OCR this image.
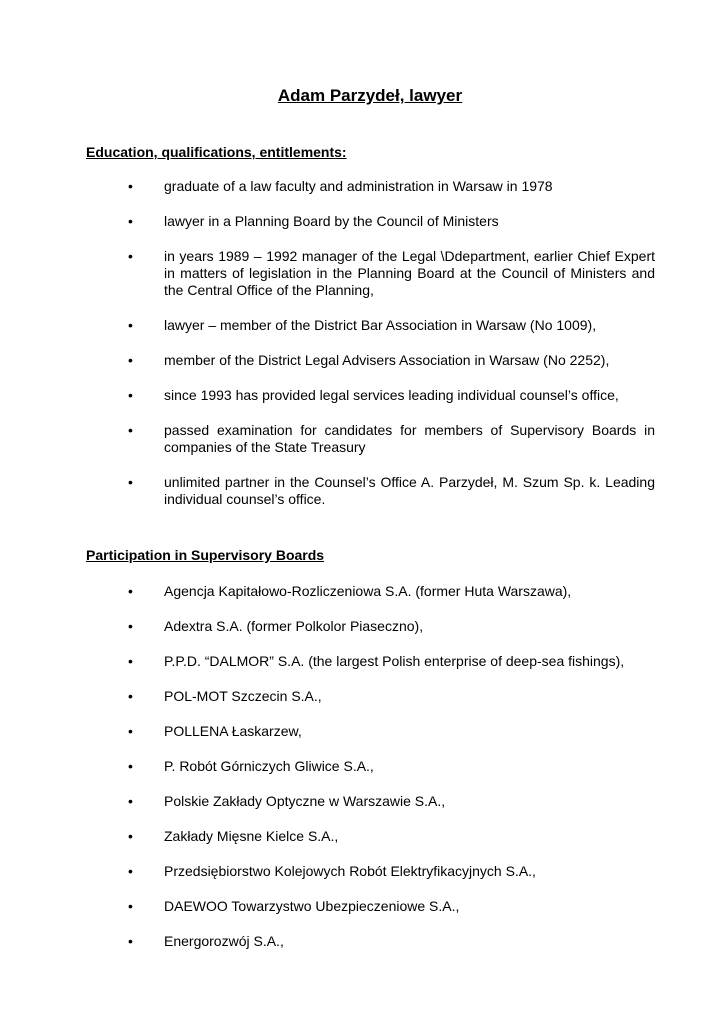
Adam Parzydeł, lawyer
Education, qualifications, entitlements:
• graduate of a law faculty and administration in Warsaw in 1978
• lawyer in a Planning Board by the Council of Ministers
• in years 1989 – 1992 manager of the Legal \Ddepartment, earlier Chief Expert in matters of legislation in the Planning Board at the Council of Ministers and the Central Office of the Planning,
• lawyer – member of the District Bar Association in Warsaw (No 1009),
• member of the District Legal Advisers Association in Warsaw (No 2252),
• since 1993 has provided legal services leading individual counsel’s office,
• passed examination for candidates for members of Supervisory Boards in companies of the State Treasury
• unlimited partner in the Counsel’s Office A. Parzydeł, M. Szum Sp. k. Leading individual counsel’s office.
Participation in Supervisory Boards
• Agencja Kapitałowo-Rozliczeniowa S.A. (former Huta Warszawa),
• Adextra S.A. (former Polkolor Piaseczno),
• P.P.D. “DALMOR” S.A. (the largest Polish enterprise of deep-sea fishings),
• POL-MOT Szczecin S.A.,
• POLLENA Łaskarzew,
• P. Robót Górniczych Gliwice S.A.,
• Polskie Zakłady Optyczne w Warszawie S.A.,
• Zakłady Mięsne Kielce S.A.,
• Przedsiębiorstwo Kolejowych Robót Elektryfikacyjnych S.A.,
• DAEWOO Towarzystwo Ubezpieczeniowe S.A.,
• Energorozwój S.A.,
